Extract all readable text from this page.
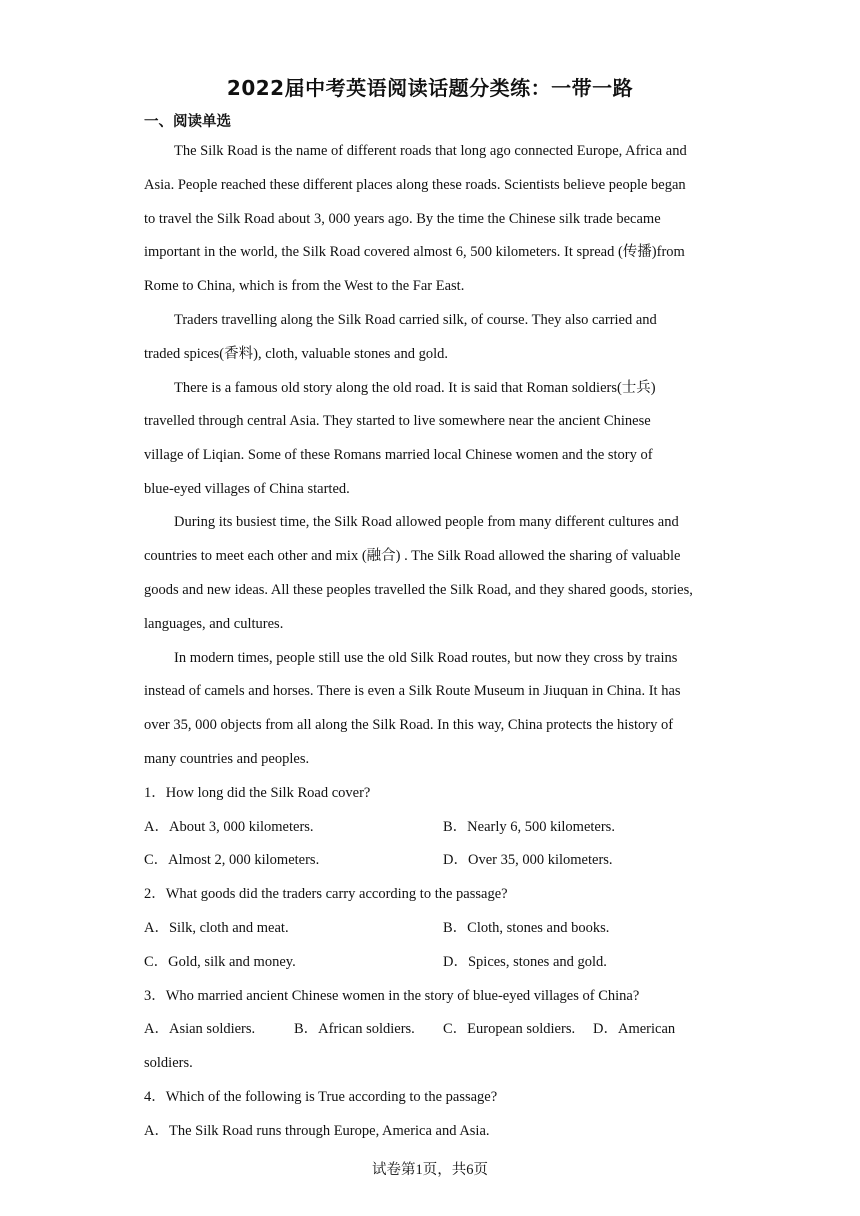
2022届中考英语阅读话题分类练：一带一路
一、阅读单选
The Silk Road is the name of different roads that long ago connected Europe, Africa and
Asia. People reached these different places along these roads. Scientists believe people began
to travel the Silk Road about 3, 000 years ago. By the time the Chinese silk trade became
important in the world, the Silk Road covered almost 6, 500 kilometers. It spread (传播)from
Rome to China, which is from the West to the Far East.
Traders travelling along the Silk Road carried silk, of course. They also carried and
traded spices(香料), cloth, valuable stones and gold.
There is a famous old story along the old road. It is said that Roman soldiers(士兵)
travelled through central Asia. They started to live somewhere near the ancient Chinese
village of Liqian. Some of these Romans married local Chinese women and the story of
blue-eyed villages of China started.
During its busiest time, the Silk Road allowed people from many different cultures and
countries to meet each other and mix (融合) . The Silk Road allowed the sharing of valuable
goods and new ideas. All these peoples travelled the Silk Road, and they shared goods, stories,
languages, and cultures.
In modern times, people still use the old Silk Road routes, but now they cross by trains
instead of camels and horses. There is even a Silk Route Museum in Jiuquan in China. It has
over 35, 000 objects from all along the Silk Road. In this way, China protects the history of
many countries and peoples.
1．How long did the Silk Road cover?
A．About 3, 000 kilometers.	B．Nearly 6, 500 kilometers.
C．Almost 2, 000 kilometers.	D．Over 35, 000 kilometers.
2．What goods did the traders carry according to the passage?
A．Silk, cloth and meat.	B．Cloth, stones and books.
C．Gold, silk and money.	D．Spices, stones and gold.
3．Who married ancient Chinese women in the story of blue-eyed villages of China?
A．Asian soldiers.	B．African soldiers. C．European soldiers. D．American
soldiers.
4．Which of the following is True according to the passage?
A．The Silk Road runs through Europe, America and Asia.
试卷第1页，共6页
